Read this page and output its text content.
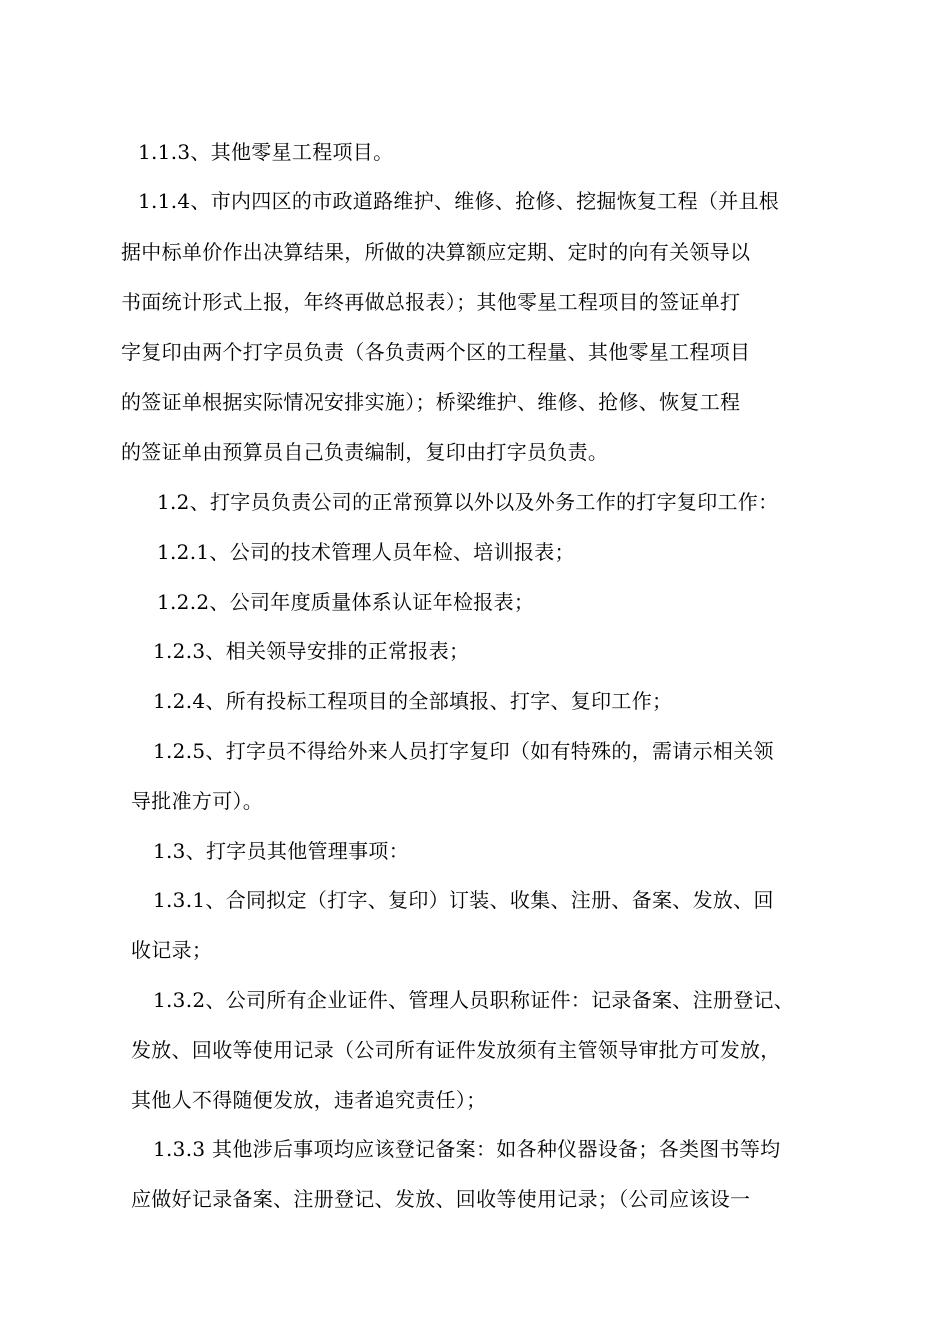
1.1.3、其他零星工程项目。
1.1.4、市内四区的市政道路维护、维修、抢修、挖掘恢复工程（并且根
据中标单价作出决算结果，所做的决算额应定期、定时的向有关领导以
书面统计形式上报，年终再做总报表）；其他零星工程项目的签证单打
字复印由两个打字员负责（各负责两个区的工程量、其他零星工程项目
的签证单根据实际情况安排实施）；桥梁维护、维修、抢修、恢复工程
的签证单由预算员自己负责编制，复印由打字员负责。
1.2、打字员负责公司的正常预算以外以及外务工作的打字复印工作：
1.2.1、公司的技术管理人员年检、培训报表；
1.2.2、公司年度质量体系认证年检报表；
1.2.3、相关领导安排的正常报表；
1.2.4、所有投标工程项目的全部填报、打字、复印工作；
1.2.5、打字员不得给外来人员打字复印（如有特殊的，需请示相关领
导批准方可）。
1.3、打字员其他管理事项：
1.3.1、合同拟定（打字、复印）订装、收集、注册、备案、发放、回
收记录；
1.3.2、公司所有企业证件、管理人员职称证件：记录备案、注册登记、
发放、回收等使用记录（公司所有证件发放须有主管领导审批方可发放，
其他人不得随便发放，违者追究责任）；
1.3.3 其他涉后事项均应该登记备案：如各种仪器设备；各类图书等均
应做好记录备案、注册登记、发放、回收等使用记录；（公司应该设一
